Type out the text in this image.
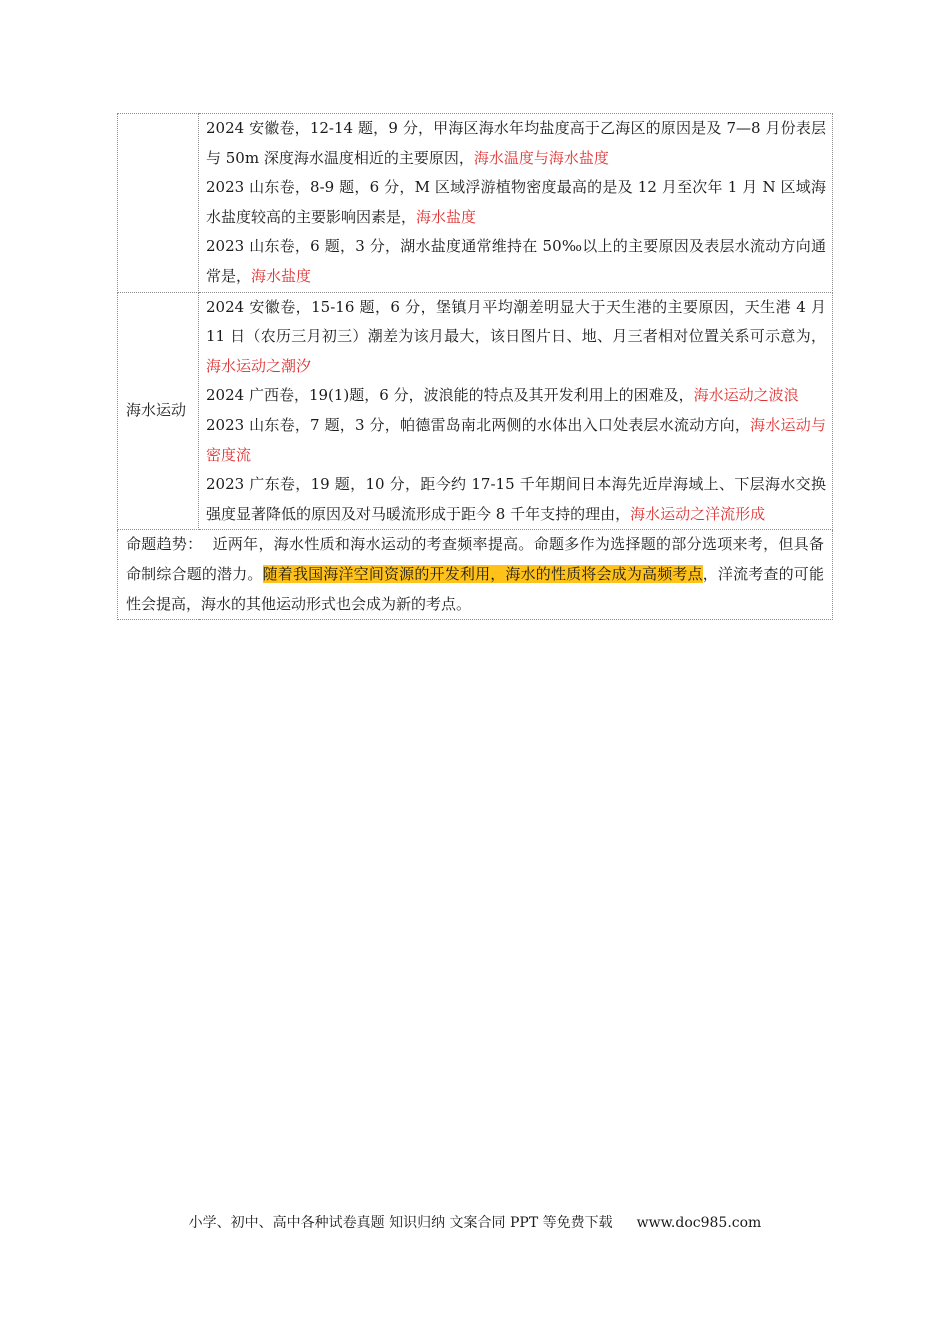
	2024 安徽卷，12-14 题，9 分，甲海区海水年均盐度高于乙海区的原因是及 7—8 月份表层与 50m 深度海水温度相近的主要原因，海水温度与海水盐度
2023 山东卷，8-9 题，6 分，M 区域浮游植物密度最高的是及 12 月至次年 1 月 N 区域海水盐度较高的主要影响因素是，海水盐度
2023 山东卷，6 题，3 分，湖水盐度通常维持在 50‰以上的主要原因及表层水流动方向通常是，海水盐度

海水运动	2024 安徽卷，15-16 题，6 分，堡镇月平均潮差明显大于天生港的主要原因，天生港 4 月 11 日（农历三月初三）潮差为该月最大，该日图片日、地、月三者相对位置关系可示意为，海水运动之潮汐
2024 广西卷，19(1)题，6 分，波浪能的特点及其开发利用上的困难及，海水运动之波浪
2023 山东卷，7 题，3 分，帕德雷岛南北两侧的水体出入口处表层水流动方向，海水运动与密度流
2023 广东卷，19 题，10 分，距今约 17-15 千年期间日本海先近岸海域上、下层海水交换强度显著降低的原因及对马暖流形成于距今 8 千年支持的理由，海水运动之洋流形成

命题趋势： 近两年，海水性质和海水运动的考查频率提高。命题多作为选择题的部分选项来考，但具备命制综合题的潜力。随着我国海洋空间资源的开发利用，海水的性质将会成为高频考点，洋流考查的可能性会提高，海水的其他运动形式也会成为新的考点。	
小学、初中、高中各种试卷真题 知识归纳 文案合同 PPT 等免费下载 www.doc985.com
